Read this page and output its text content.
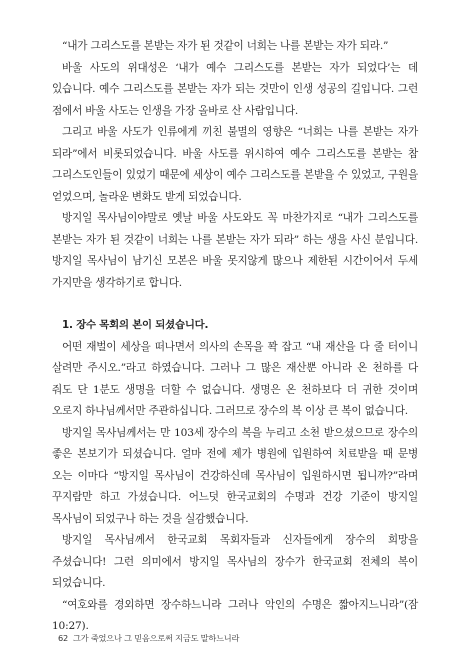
“내가 그리스도를 본받는 자가 된 것같이 너희는 나를 본받는 자가 되라.”

바울 사도의 위대성은 ‘내가 예수 그리스도를 본받는 자가 되었다’는 데 있습니다. 예수 그리스도를 본받는 자가 되는 것만이 인생 성공의 길입니다. 그런 점에서 바울 사도는 인생을 가장 올바로 산 사람입니다.

그리고 바울 사도가 인류에게 끼친 불멸의 영향은 “너희는 나를 본받는 자가 되라”에서 비롯되었습니다. 바울 사도를 위시하여 예수 그리스도를 본받는 참 그리스도인들이 있었기 때문에 세상이 예수 그리스도를 본받을 수 있었고, 구원을 얻었으며, 놀라운 변화도 받게 되었습니다.

방지일 목사님이야말로 옛날 바울 사도와도 꼭 마찬가지로 “내가 그리스도를 본받는 자가 된 것같이 너희는 나를 본받는 자가 되라” 하는 생을 사신 분입니다. 방지일 목사님이 남기신 모본은 바울 못지않게 많으나 제한된 시간이어서 두세 가지만을 생각하기로 합니다.

1. 장수 목회의 본이 되셨습니다.

어떤 재벌이 세상을 떠나면서 의사의 손목을 꽉 잡고 “내 재산을 다 줄 터이니 살려만 주시오.”라고 하였습니다. 그러나 그 많은 재산뿐 아니라 온 천하를 다 줘도 단 1분도 생명을 더할 수 없습니다. 생명은 온 천하보다 더 귀한 것이며 오로지 하나님께서만 주관하십니다. 그러므로 장수의 복 이상 큰 복이 없습니다.

방지일 목사님께서는 만 103세 장수의 복을 누리고 소천 받으셨으므로 장수의 좋은 본보기가 되셨습니다. 얼마 전에 제가 병원에 입원하여 치료받을 때 문병 오는 이마다 “방지일 목사님이 건강하신데 목사님이 입원하시면 됩니까?”라며 꾸지람만 하고 가셨습니다. 어느덧 한국교회의 수명과 건강 기준이 방지일 목사님이 되었구나 하는 것을 실감했습니다.

방지일 목사님께서 한국교회 목회자들과 신자들에게 장수의 희망을 주셨습니다! 그런 의미에서 방지일 목사님의 장수가 한국교회 전체의 복이 되었습니다.

“여호와를 경외하면 장수하느니라 그러나 악인의 수명은 짧아지느니라”(잠 10:27).

62 그가 죽었으나 그 믿음으로써 지금도 말하느니라
